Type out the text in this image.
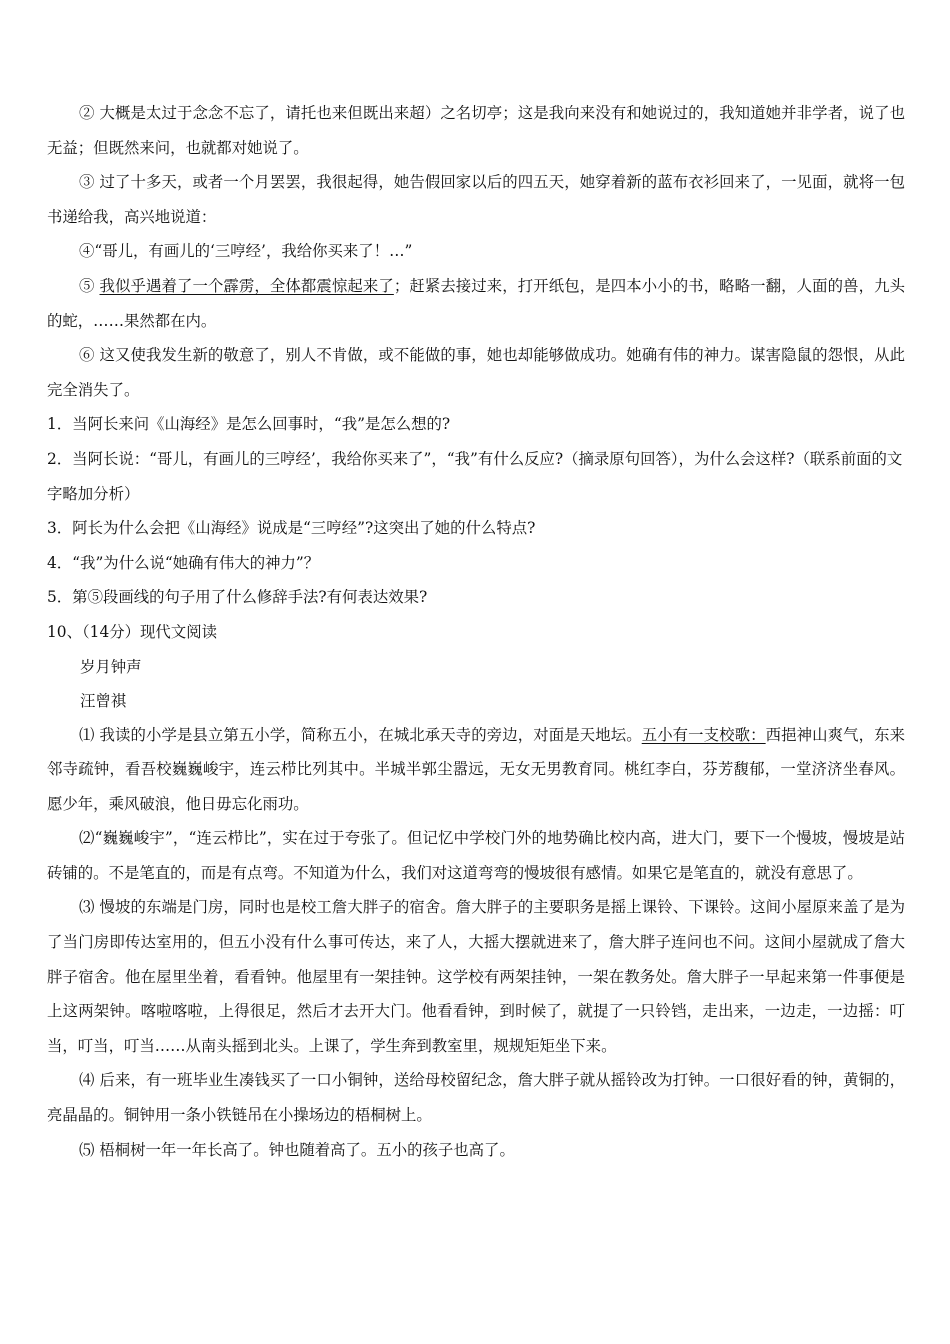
② 大概是太过于念念不忘了，请托也来但既出来超）之名切亭；这是我向来没有和她说过的，我知道她并非学者，说了也无益；但既然来问，也就都对她说了。

③ 过了十多天，或者一个月罢罢，我很起得，她告假回家以后的四五天，她穿着新的蓝布衣衫回来了，一见面，就将一包书递给我，高兴地说道：

④“哥儿，有画儿的‘三哼经’，我给你买来了！…”

⑤ 我似乎遇着了一个霹雳，全体都震惊起来了；赶紧去接过来，打开纸包，是四本小小的书，略略一翻，人面的兽，九头的蛇，……果然都在内。

⑥ 这又使我发生新的敬意了，别人不肯做，或不能做的事，她也却能够做成功。她确有伟的神力。谋害隐鼠的怨恨，从此完全消失了。

1．当阿长来问《山海经》是怎么回事时，“我”是怎么想的?

2．当阿长说：“哥儿，有画儿的三哼经’，我给你买来了”，“我”有什么反应?（摘录原句回答），为什么会这样?（联系前面的文字略加分析）

3．阿长为什么会把《山海经》说成是“三哼经”?这突出了她的什么特点?

4．“我”为什么说“她确有伟大的神力”？

5．第⑤段画线的句子用了什么修辞手法?有何表达效果?

10、（14分）现代文阅读

岁月钟声

汪曾祺

⑴ 我读的小学是县立第五小学，简称五小，在城北承天寺的旁边，对面是天地坛。五小有一支校歌：西挹神山爽气，东来邻寺疏钟，看吾校巍巍峻宇，连云栉比列其中。半城半郭尘嚣远，无女无男教育同。桃红李白，芬芳馥郁，一堂济济坐春风。愿少年，乘风破浪，他日毋忘化雨功。

⑵“巍巍峻宇”，“连云栉比”，实在过于夸张了。但记忆中学校门外的地势确比校内高，进大门，要下一个慢坡，慢坡是站砖铺的。不是笔直的，而是有点弯。不知道为什么，我们对这道弯弯的慢坡很有感情。如果它是笔直的，就没有意思了。

⑶ 慢坡的东端是门房，同时也是校工詹大胖子的宿舍。詹大胖子的主要职务是摇上课铃、下课铃。这间小屋原来盖了是为了当门房即传达室用的，但五小没有什么事可传达，来了人，大摇大摆就进来了，詹大胖子连问也不问。这间小屋就成了詹大胖子宿舍。他在屋里坐着，看看钟。他屋里有一架挂钟。这学校有两架挂钟，一架在教务处。詹大胖子一早起来第一件事便是上这两架钟。喀啦喀啦，上得很足，然后才去开大门。他看看钟，到时候了，就提了一只铃铛，走出来，一边走，一边摇：叮当，叮当，叮当……从南头摇到北头。上课了，学生奔到教室里，规规矩矩坐下来。

⑷ 后来，有一班毕业生凑钱买了一口小铜钟，送给母校留纪念，詹大胖子就从摇铃改为打钟。一口很好看的钟，黄铜的，亮晶晶的。铜钟用一条小铁链吊在小操场边的梧桐树上。

⑸ 梧桐树一年一年长高了。钟也随着高了。五小的孩子也高了。
